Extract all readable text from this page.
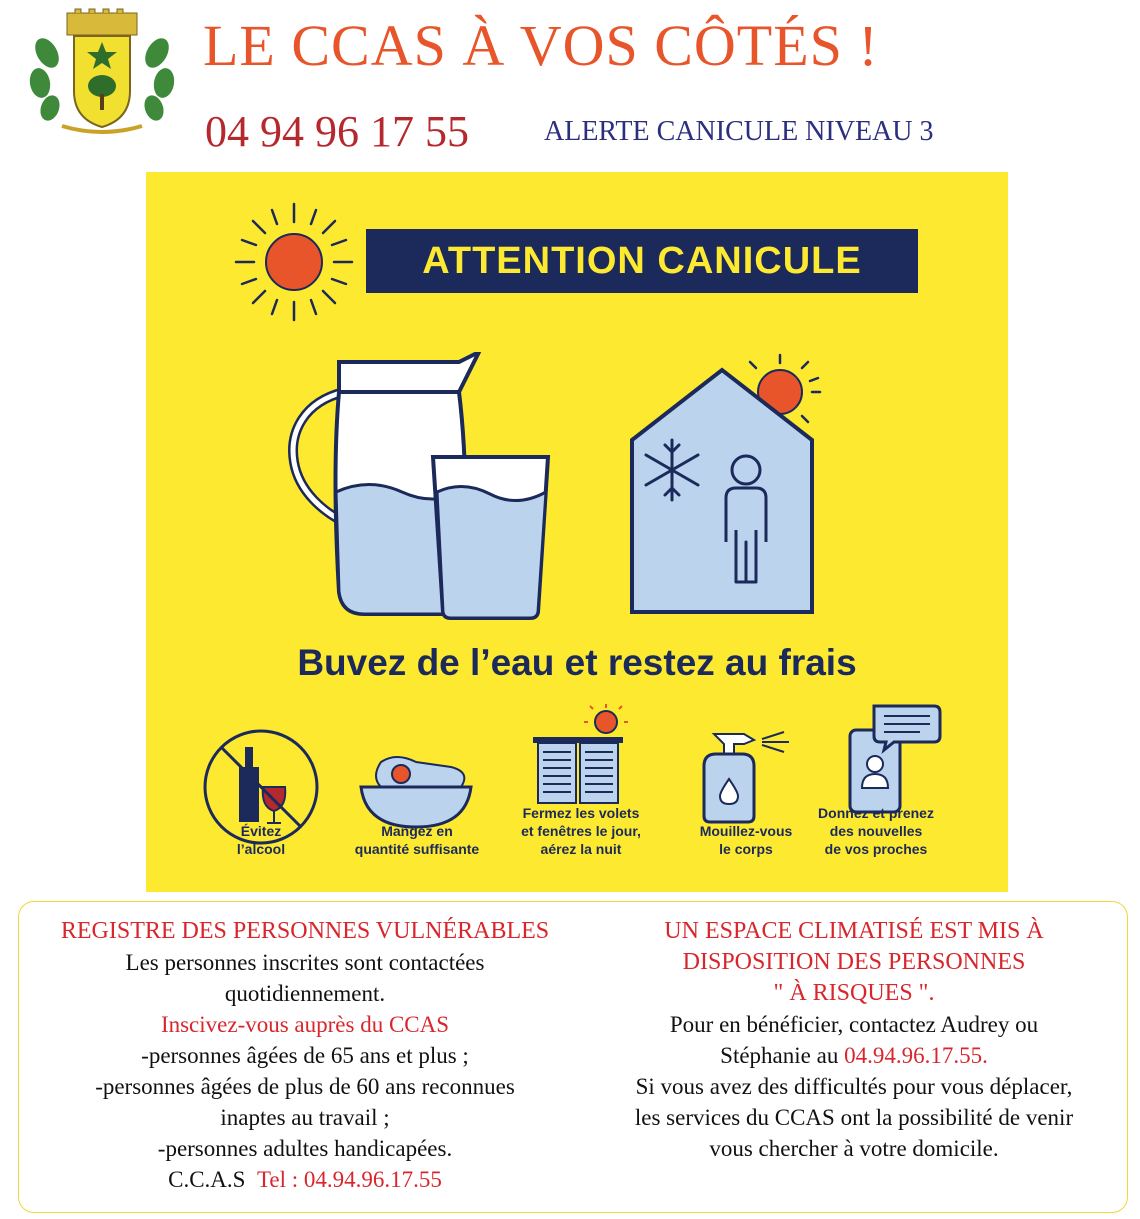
LE CCAS À VOS CÔTÉS !
04 94 96 17 55	ALERTE CANICULE NIVEAU 3
ATTENTION CANICULE
Buvez de l’eau et restez au frais
Évitez
l’alcool
Mangez en
quantité suffisante
Fermez les volets
et fenêtres le jour,
aérez la nuit
Mouillez-vous
le corps
Donnez et prenez
des nouvelles
de vos proches
REGISTRE DES PERSONNES VULNÉRABLES
Les personnes inscrites sont contactées
quotidiennement.
Inscivez-vous auprès du CCAS
-personnes âgées de 65 ans et plus ;
-personnes âgées de plus de 60 ans reconnues
inaptes au travail ;
-personnes adultes handicapées.
C.C.A.S Tel : 04.94.96.17.55
UN ESPACE CLIMATISÉ EST MIS À
DISPOSITION DES PERSONNES
" À RISQUES ".
Pour en bénéficier, contactez Audrey ou
Stéphanie au 04.94.96.17.55.
Si vous avez des difficultés pour vous déplacer,
les services du CCAS ont la possibilité de venir
vous chercher à votre domicile.
